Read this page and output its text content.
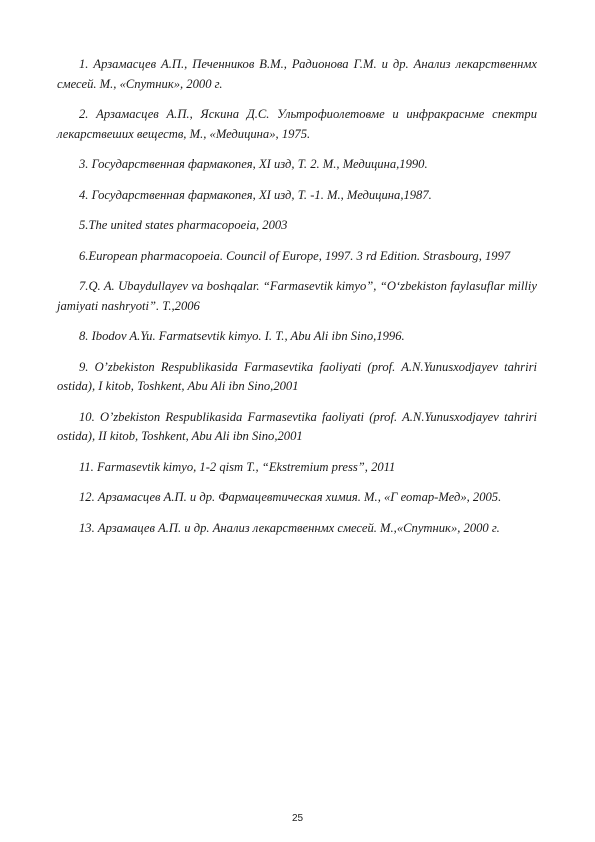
1. Арзамасцев А.П., Печенников В.М., Радионова Г.М. и др. Анализ лекарственнмх смесей. М., «Спутник», 2000 г.
2. Арзамасцев А.П., Яскина Д.С. Ультрофиолетовме и инфракраснме спектри лекарствешиx веществ, М., «Медицина», 1975.
3. Государственная фармакопея, XI изд, Т. 2. М., Медицина,1990.
4. Государственная фармакопея, XI изд, Т. -1. М., Медицина,1987.
5.The united states pharmacopoeia, 2003
6.European pharmacopoeia. Council of Europe, 1997. 3 rd Edition. Strasbourg, 1997
7.Q. A. Ubaydullayev va boshqalar. “Farmasevtik kimyo”, “O‘zbekiston faylasuflar milliy jamiyati nashryoti”. T.,2006
8. Ibodov A.Yu. Farmatsevtik kimyo. I. T., Abu Ali ibn Sino,1996.
9. O’zbekiston Respublikasida Farmasevtika faoliyati (prof. A.N.Yunusxodjayev tahriri ostida), I kitob, Toshkent, Abu Ali ibn Sino,2001
10. O’zbekiston Respublikasida Farmasevtika faoliyati (prof. A.N.Yunusxodjayev tahriri ostida), II kitob, Toshkent, Abu Ali ibn Sino,2001
11. Farmasevtik kimyo, 1-2 qism T., “Ekstremium press”, 2011
12. Арзамасцев А.П. и др. Фармацевтическая химия. М., «Г еотар-Мед», 2005.
13. Арзамацев А.П. и др. Анализ лекарственнмх смесей. М.,«Спутник», 2000 г.
25
